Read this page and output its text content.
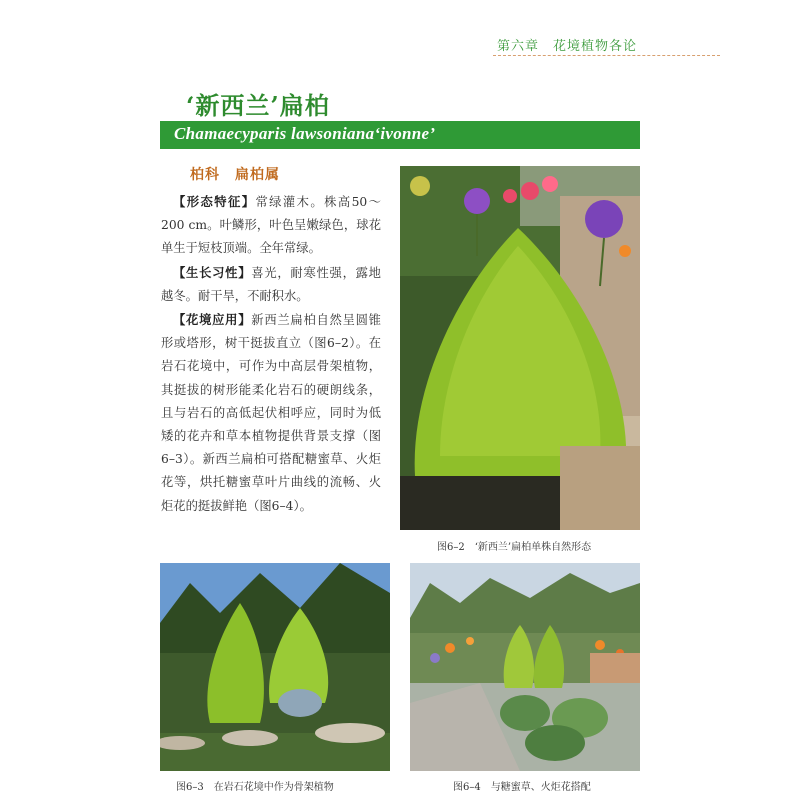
第六章 花境植物各论
‘新西兰’扁柏
Chamaecyparis lawsoniana‘ivonne’
柏科　扁柏属

【形态特征】常绿灌木。株高50～200 cm。叶鳞形，叶色呈嫩绿色，球花单生于短枝顶端。全年常绿。

【生长习性】喜光，耐寒性强，露地越冬。耐干旱，不耐积水。

【花境应用】新西兰扁柏自然呈圆锥形或塔形，树干挺拔直立（图6–2）。在岩石花境中，可作为中高层骨架植物，其挺拔的树形能柔化岩石的硬朗线条，且与岩石的高低起伏相呼应，同时为低矮的花卉和草本植物提供背景支撑（图6–3）。新西兰扁柏可搭配糖蜜草、火炬花等，烘托糖蜜草叶片曲线的流畅、火炬花的挺拔鲜艳（图6–4）。

图6–2 ‘新西兰’扁柏单株自然形态
图6–3 在岩石花境中作为骨架植物	图6–4 与糖蜜草、火炬花搭配
